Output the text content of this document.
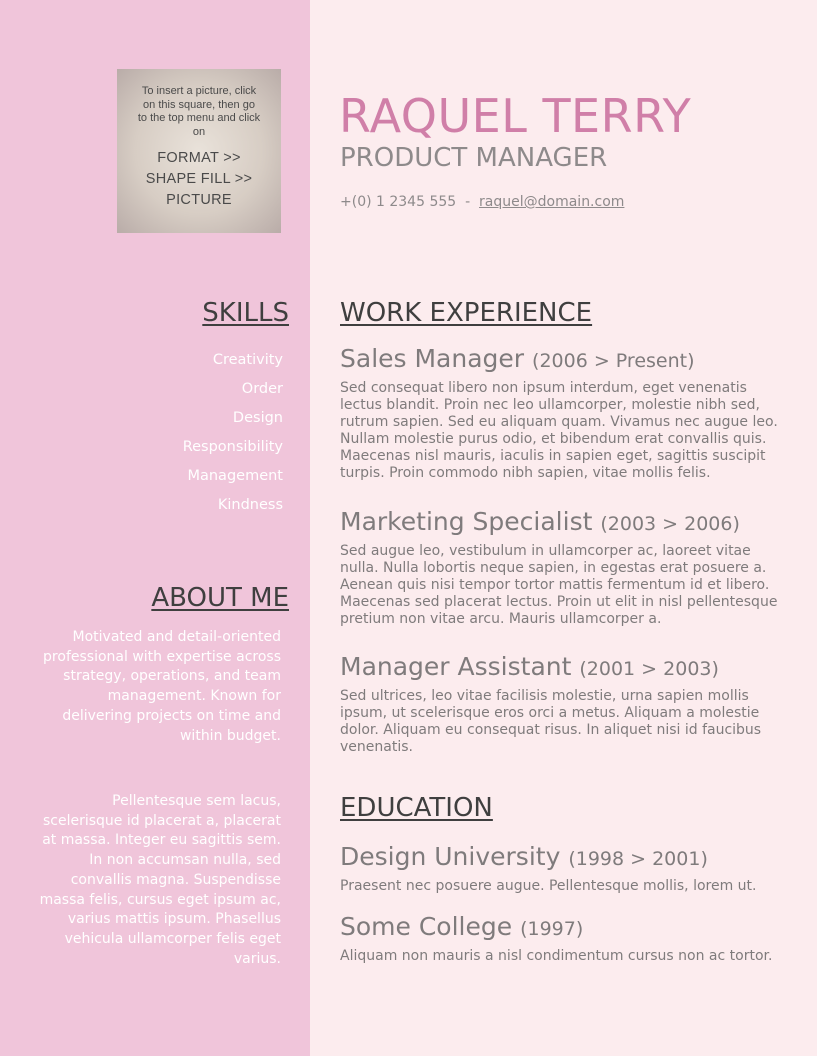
To insert a picture, click on this square, then go to the top menu and click on
FORMAT >>
SHAPE FILL >>
PICTURE
RAQUEL TERRY
PRODUCT MANAGER
+(0) 1 2345 555  -  raquel@domain.com
SKILLS
Creativity
Order
Design
Responsibility
Management
Kindness
ABOUT ME
Motivated and detail-oriented professional with expertise across strategy, operations, and team management. Known for delivering projects on time and within budget.
Pellentesque sem lacus, scelerisque id placerat a, placerat at massa. Integer eu sagittis sem. In non accumsan nulla, sed convallis magna. Suspendisse massa felis, cursus eget ipsum ac, varius mattis ipsum. Phasellus vehicula ullamcorper felis eget varius.
WORK EXPERIENCE
Sales Manager (2006 > Present)
Sed consequat libero non ipsum interdum, eget venenatis lectus blandit. Proin nec leo ullamcorper, molestie nibh sed, rutrum sapien. Sed eu aliquam quam. Vivamus nec augue leo. Nullam molestie purus odio, et bibendum erat convallis quis. Maecenas nisl mauris, iaculis in sapien eget, sagittis suscipit turpis. Proin commodo nibh sapien, vitae mollis felis.
Marketing Specialist (2003 > 2006)
Sed augue leo, vestibulum in ullamcorper ac, laoreet vitae nulla. Nulla lobortis neque sapien, in egestas erat posuere a. Aenean quis nisi tempor tortor mattis fermentum id et libero. Maecenas sed placerat lectus. Proin ut elit in nisl pellentesque pretium non vitae arcu. Mauris ullamcorper a.
Manager Assistant (2001 > 2003)
Sed ultrices, leo vitae facilisis molestie, urna sapien mollis ipsum, ut scelerisque eros orci a metus. Aliquam a molestie dolor. Aliquam eu consequat risus. In aliquet nisi id faucibus venenatis.
EDUCATION
Design University (1998 > 2001)
Praesent nec posuere augue. Pellentesque mollis, lorem ut.
Some College (1997)
Aliquam non mauris a nisl condimentum cursus non ac tortor.
